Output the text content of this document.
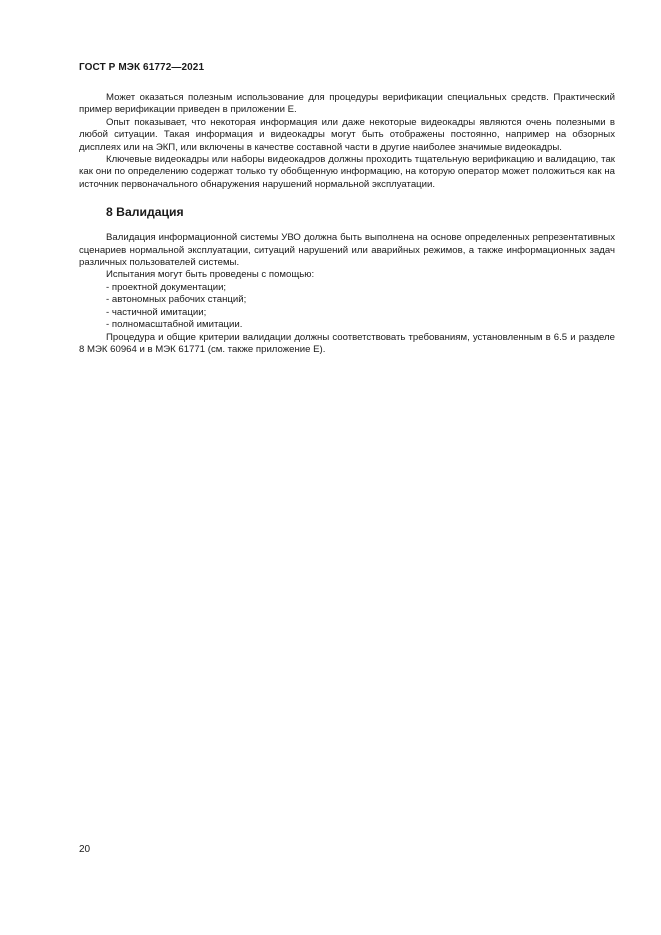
ГОСТ Р МЭК 61772—2021

Может оказаться полезным использование для процедуры верификации специальных средств. Практический пример верификации приведен в приложении Е.

Опыт показывает, что некоторая информация или даже некоторые видеокадры являются очень полезными в любой ситуации. Такая информация и видеокадры могут быть отображены постоянно, например на обзорных дисплеях или на ЭКП, или включены в качестве составной части в другие наиболее значимые видеокадры.

Ключевые видеокадры или наборы видеокадров должны проходить тщательную верификацию и валидацию, так как они по определению содержат только ту обобщенную информацию, на которую оператор может положиться как на источник первоначального обнаружения нарушений нормальной эксплуатации.

8 Валидация

Валидация информационной системы УВО должна быть выполнена на основе определенных репрезентативных сценариев нормальной эксплуатации, ситуаций нарушений или аварийных режимов, а также информационных задач различных пользователей системы.

Испытания могут быть проведены с помощью:

- проектной документации;
- автономных рабочих станций;
- частичной имитации;
- полномасштабной имитации.

Процедура и общие критерии валидации должны соответствовать требованиям, установленным в 6.5 и разделе 8 МЭК 60964 и в МЭК 61771 (см. также приложение Е).

20
